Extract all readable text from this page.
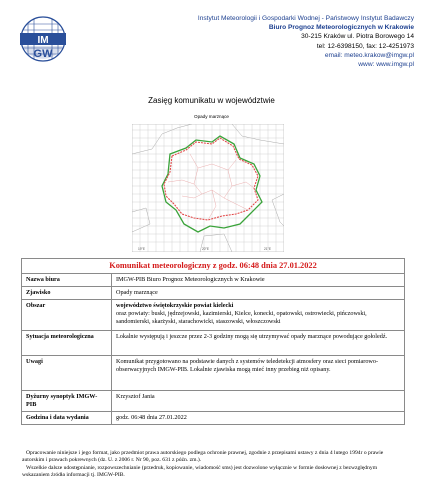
IM
GW
Instytut Meteorologii i Gospodarki Wodnej - Państwowy Instytut Badawczy
Biuro Prognoz Meteorologicznych w Krakowie
30-215 Kraków ul. Piotra Borowego 14
tel: 12-6398150, fax: 12-4251973
email: meteo.krakow@imgw.pl
www: www.imgw.pl
Zasięg komunikatu w województwie
Opady marznące
19°E	20°E	21°E
Komunikat meteorologiczny z godz. 06:48 dnia 27.01.2022	
Nazwa biura	IMGW-PIB Biuro Prognoz Meteorologicznych w Krakowie
Zjawisko	Opady marznące
Obszar	województwo świętokrzyskie powiat kielecki
oraz powiaty: buski, jędrzejowski, kazimierski, Kielce, konecki, opatowski, ostrowiecki, pińczowski, sandomierski, skarżyski, starachowicki, staszowski, włoszczowski

Sytuacja meteorologiczna	Lokalnie występują i jeszcze przez 2-3 godziny mogą się utrzymywać opady marznące powodujące gołoledź.
Uwagi	Komunikat przygotowano na podstawie danych z systemów teledetekcji atmosfery oraz sieci pomiarowo-obserwacyjnych IMGW-PIB. Lokalnie zjawiska mogą mieć inny przebieg niż opisany.
Dyżurny synoptyk IMGW-PIB	Krzysztof Jania
Godzina i data wydania	godz. 06:48 dnia 27.01.2022

Opracowanie niniejsze i jego format, jako przedmiot prawa autorskiego podlega ochronie prawnej, zgodnie z przepisami ustawy z dnia 4 lutego 1994r o prawie autorskim i prawach pokrewnych (dz. U. z 2006 r. Nr 90, poz. 631 z późn. zm.).

Wszelkie dalsze udostępnianie, rozpowszechnianie (przedruk, kopiowanie, wiadomość sms) jest dozwolone wyłącznie w formie dosłownej z bezwzględnym wskazaniem źródła informacji tj. IMGW-PIB.
